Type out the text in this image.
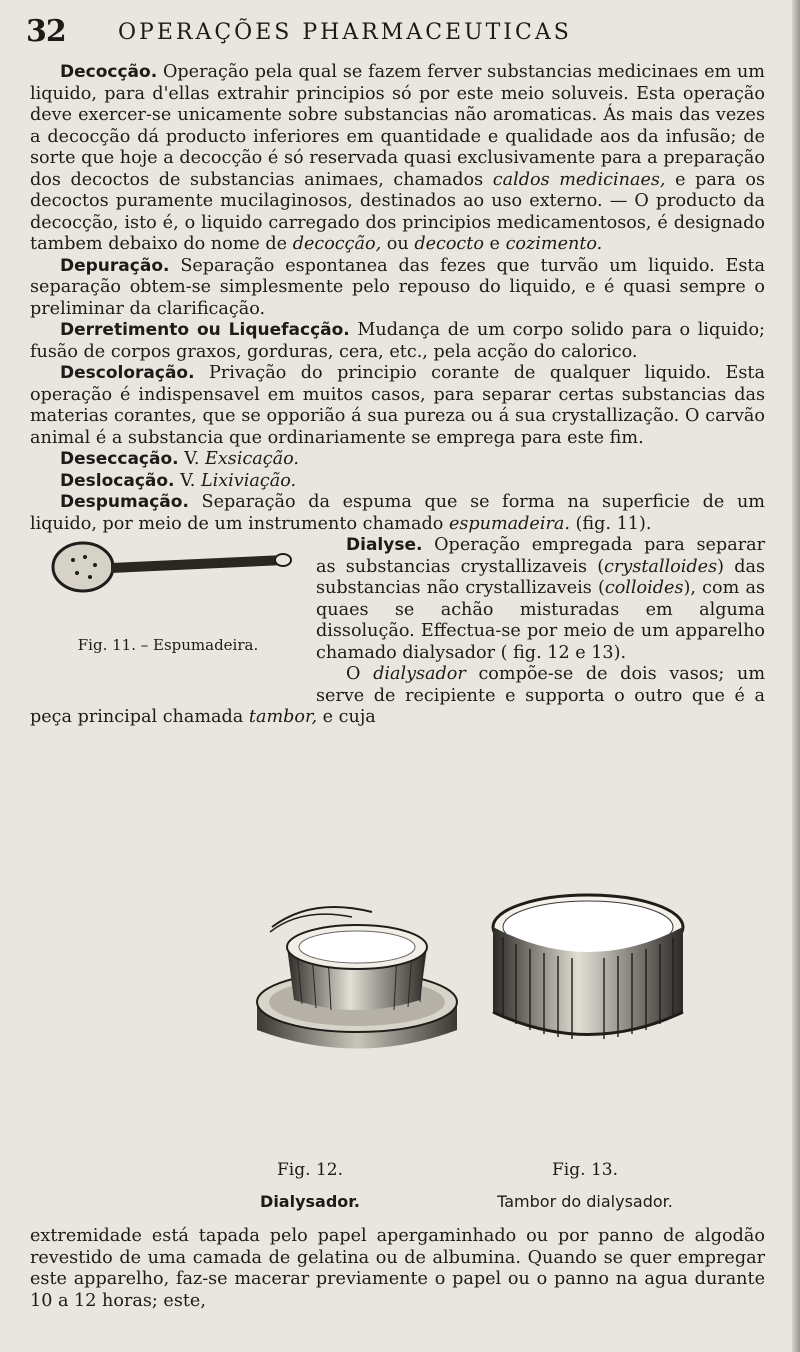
32 OPERAÇÕES PHARMACEUTICAS

Decocção. Operação pela qual se fazem ferver substancias medicinaes em um liquido, para d'ellas extrahir principios só por este meio soluveis. Esta operação deve exercer-se unicamente sobre substancias não aromaticas. Ás mais das vezes a decocção dá producto inferiores em quantidade e qualidade aos da infusão; de sorte que hoje a decocção é só reservada quasi exclusivamente para a preparação dos decoctos de substancias animaes, chamados caldos medicinaes, e para os decoctos puramente mucilaginosos, destinados ao uso externo. — O producto da decocção, isto é, o liquido carregado dos principios medicamentosos, é designado tambem debaixo do nome de decocção, ou decocto e cozimento.

Depuração. Separação espontanea das fezes que turvão um liquido. Esta separação obtem-se simplesmente pelo repouso do liquido, e é quasi sempre o preliminar da clarificação.

Derretimento ou Liquefacção. Mudança de um corpo solido para o liquido; fusão de corpos graxos, gorduras, cera, etc., pela acção do calorico.

Descoloração. Privação do principio corante de qualquer liquido. Esta operação é indispensavel em muitos casos, para separar certas substancias das materias corantes, que se opporião á sua pureza ou á sua crystallização. O carvão animal é a substancia que ordinariamente se emprega para este fim.

Deseccação. V. Exsicação.

Deslocação. V. Lixiviação.

Despumação. Separação da espuma que se forma na superficie de um liquido, por meio de um instrumento chamado espumadeira. (fig. 11).

Fig. 11. – Espumadeira.

Dialyse. Operação empregada para separar as substancias crystallizaveis (crystalloides) das substancias não crystallizaveis (colloides), com as quaes se achão misturadas em alguma dissolução. Effectua-se por meio de um apparelho chamado dialysador ( fig. 12 e 13).

O dialysador compõe-se de dois vasos; um serve de recipiente e supporta o outro que é a peça principal chamada tambor, e cuja

Fig. 12.
Dialysador.
Fig. 13.
Tambor do dialysador.
extremidade está tapada pelo papel apergaminhado ou por panno de algodão revestido de uma camada de gelatina ou de albumina. Quando se quer empregar este apparelho, faz-se macerar previamente o papel ou o panno na agua durante 10 a 12 horas; este,
